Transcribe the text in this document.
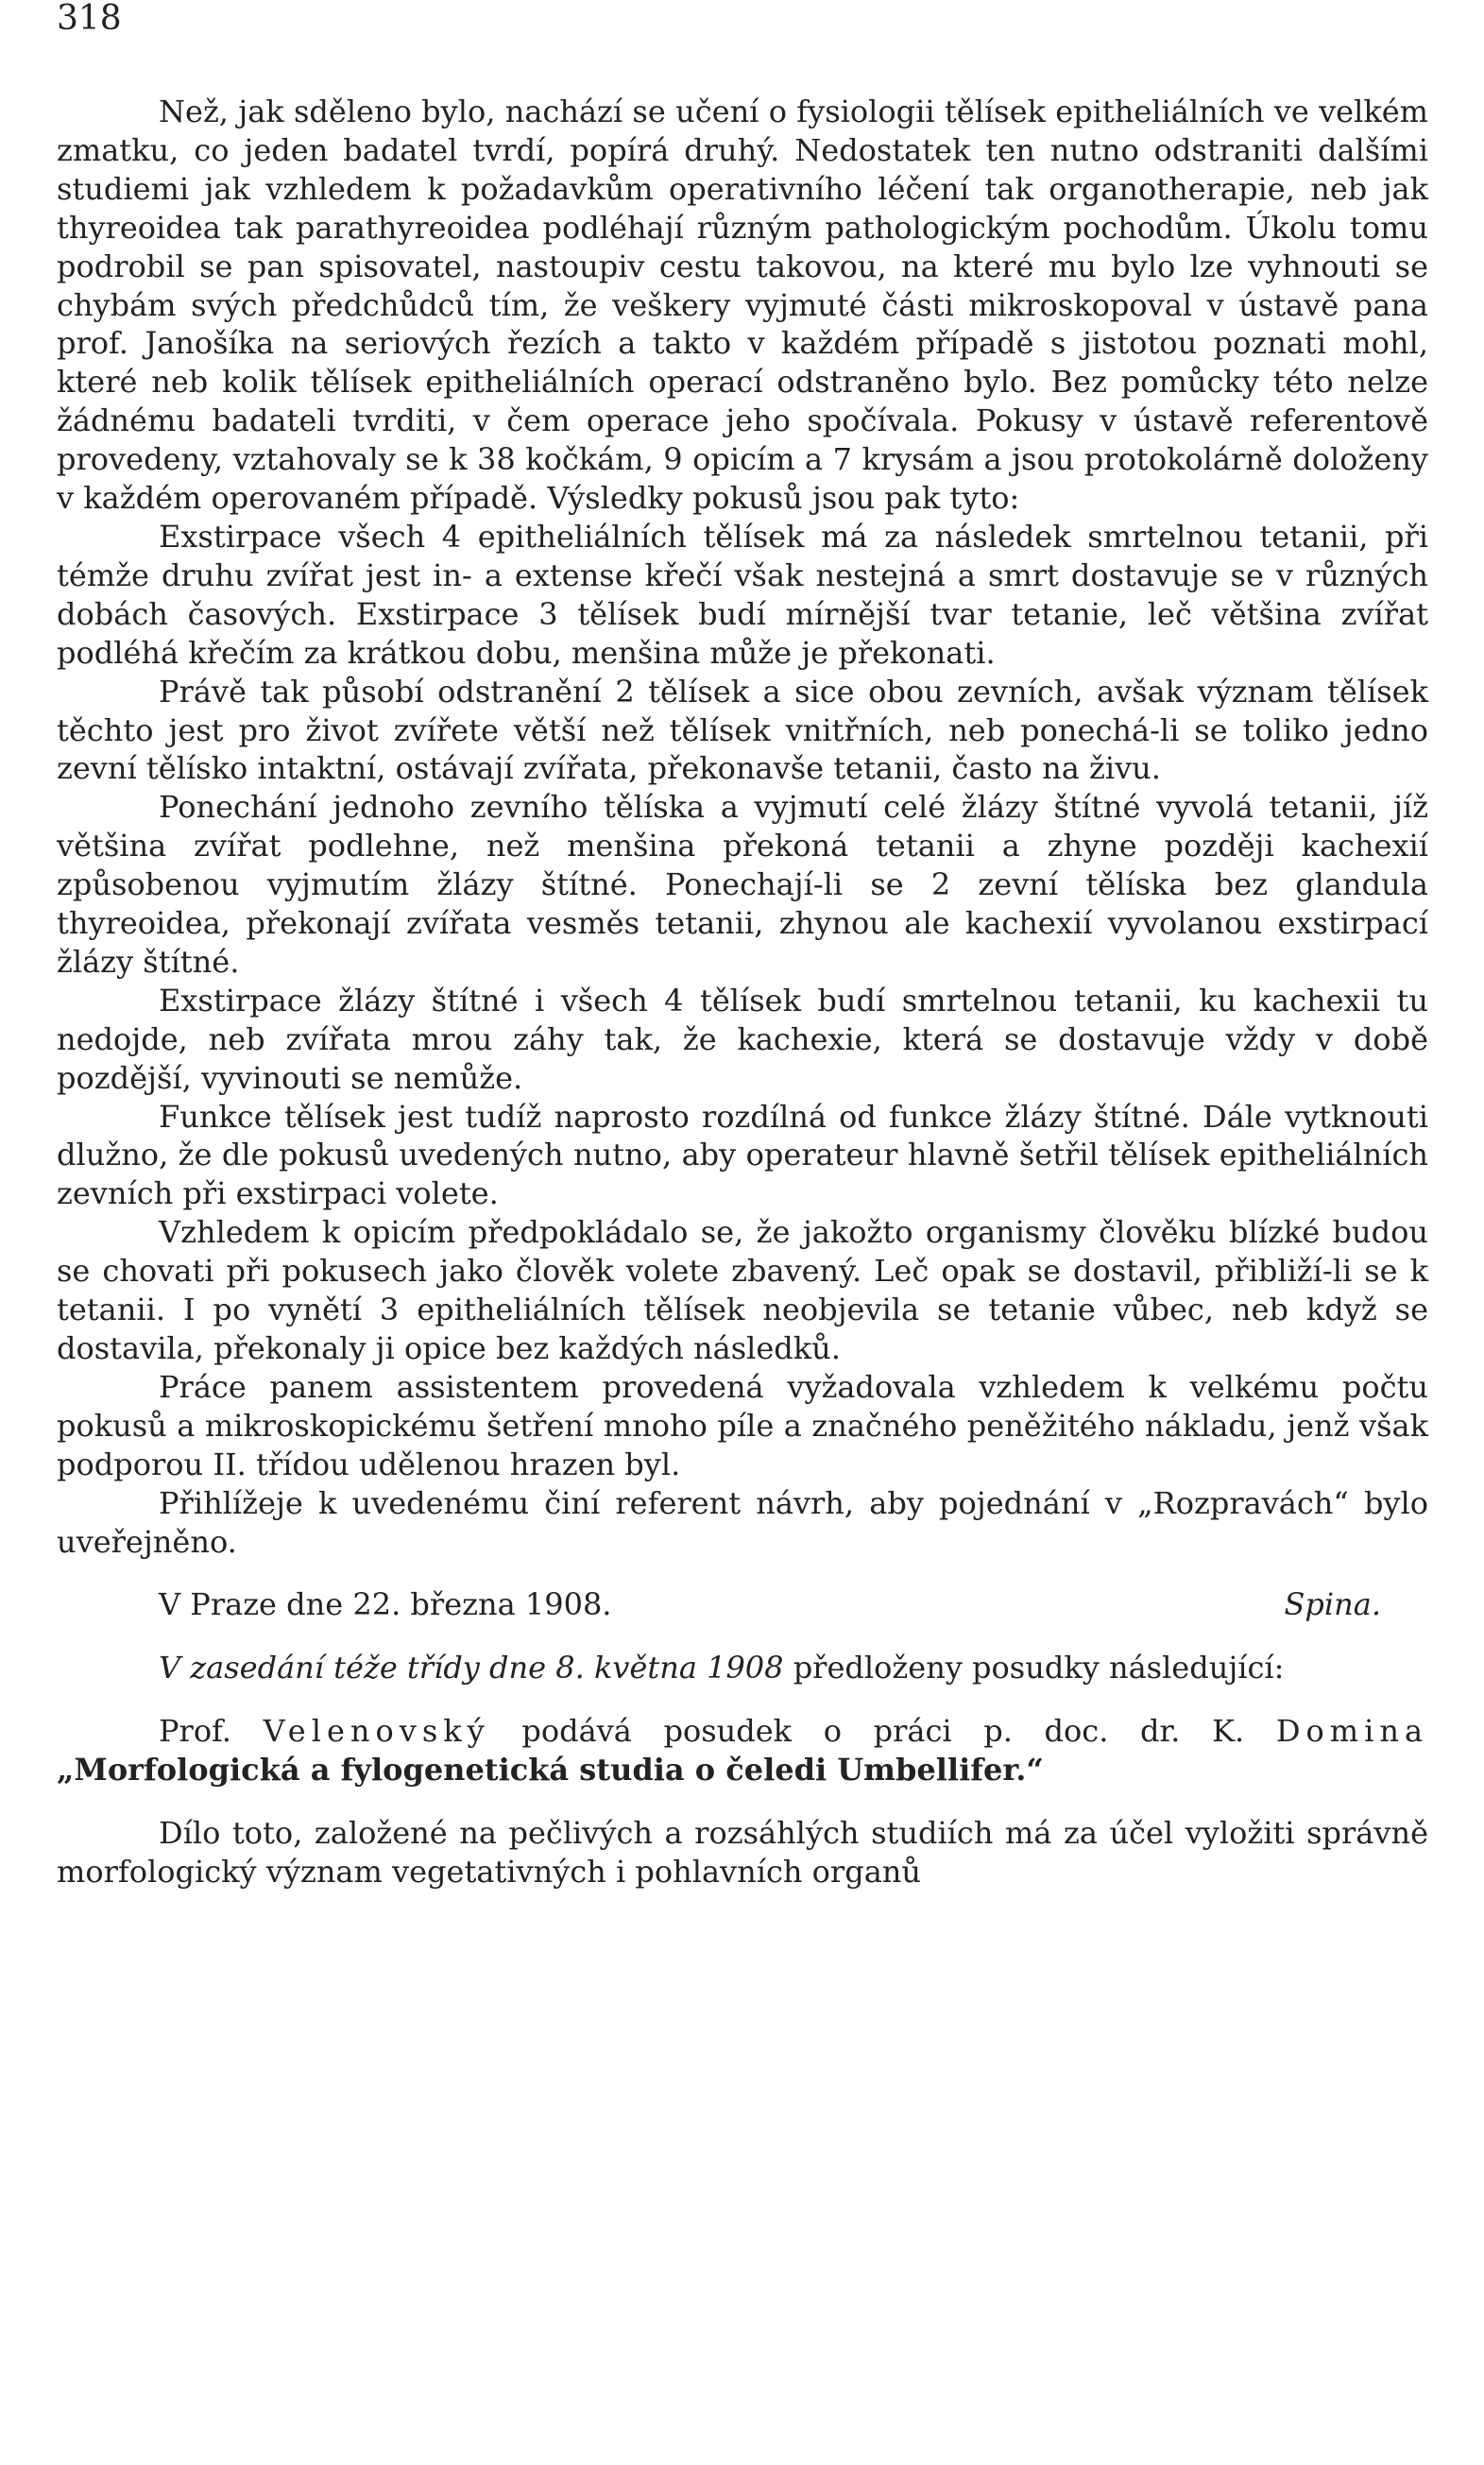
318

Než, jak sděleno bylo, nachází se učení o fysiologii tělísek epitheliálních ve velkém zmatku, co jeden badatel tvrdí, popírá druhý. Nedostatek ten nutno odstraniti dalšími studiemi jak vzhledem k požadavkům operativního léčení tak organotherapie, neb jak thyreoidea tak parathyreoidea podléhají různým pathologickým pochodům. Úkolu tomu podrobil se pan spisovatel, nastoupiv cestu takovou, na které mu bylo lze vyhnouti se chybám svých předchůdců tím, že veškery vyjmuté části mikroskopoval v ústavě pana prof. Janošíka na seriových řezích a takto v každém případě s jistotou poznati mohl, které neb kolik tělísek epitheliálních operací odstraněno bylo. Bez pomůcky této nelze žádnému badateli tvrditi, v čem operace jeho spočívala. Pokusy v ústavě referentově provedeny, vztahovaly se k 38 kočkám, 9 opicím a 7 krysám a jsou protokolárně doloženy v každém operovaném případě. Výsledky pokusů jsou pak tyto:

Exstirpace všech 4 epitheliálních tělísek má za následek smrtelnou tetanii, při témže druhu zvířat jest in- a extense křečí však nestejná a smrt dostavuje se v různých dobách časových. Exstirpace 3 tělísek budí mírnější tvar tetanie, leč většina zvířat podléhá křečím za krátkou dobu, menšina může je překonati.

Právě tak působí odstranění 2 tělísek a sice obou zevních, avšak význam tělísek těchto jest pro život zvířete větší než tělísek vnitřních, neb ponechá-li se toliko jedno zevní tělísko intaktní, ostávají zvířata, překonavše tetanii, často na živu.

Ponechání jednoho zevního tělíska a vyjmutí celé žlázy štítné vyvolá tetanii, jíž většina zvířat podlehne, než menšina překoná tetanii a zhyne později kachexií způsobenou vyjmutím žlázy štítné. Ponechají-li se 2 zevní tělíska bez glandula thyreoidea, překonají zvířata vesměs tetanii, zhynou ale kachexií vyvolanou exstirpací žlázy štítné.

Exstirpace žlázy štítné i všech 4 tělísek budí smrtelnou tetanii, ku kachexii tu nedojde, neb zvířata mrou záhy tak, že kachexie, která se dostavuje vždy v době pozdější, vyvinouti se nemůže.

Funkce tělísek jest tudíž naprosto rozdílná od funkce žlázy štítné. Dále vytknouti dlužno, že dle pokusů uvedených nutno, aby operateur hlavně šetřil tělísek epitheliálních zevních při exstirpaci volete.

Vzhledem k opicím předpokládalo se, že jakožto organismy člověku blízké budou se chovati při pokusech jako člověk volete zbavený. Leč opak se dostavil, přibliží-li se k tetanii. I po vynětí 3 epitheliálních tělísek neobjevila se tetanie vůbec, neb když se dostavila, překonaly ji opice bez každých následků.

Práce panem assistentem provedená vyžadovala vzhledem k velkému počtu pokusů a mikroskopickému šetření mnoho píle a značného peněžitého nákladu, jenž však podporou II. třídou udělenou hrazen byl.

Přihlížeje k uvedenému činí referent návrh, aby pojednání v „Rozpravách“ bylo uveřejněno.

V Praze dne 22. března 1908.	Spina.

V zasedání téže třídy dne 8. května 1908 předloženy posudky následující:

Prof. Velenovský podává posudek o práci p. doc. dr. K. Domina „Morfologická a fylogenetická studia o čeledi Umbellifer.“

Dílo toto, založené na pečlivých a rozsáhlých studiích má za účel vyložiti správně morfologický význam vegetativných i pohlavních organů
